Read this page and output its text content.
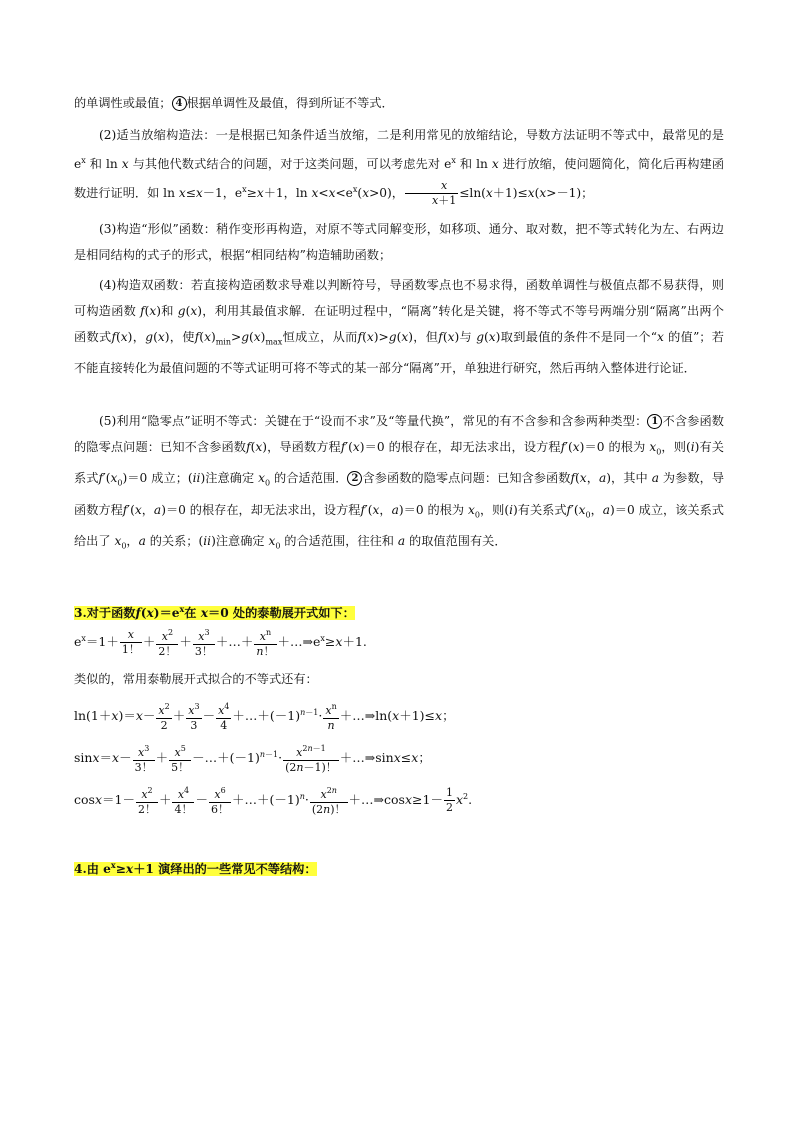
的单调性或最值； 4 根据单调性及最值，得到所证不等式．

(2)适当放缩构造法：一是根据已知条件适当放缩，二是利用常见的放缩结论，导数方法证明不等式中，最常见的是 $e^x$ 和 ln x 与其他代数式结合的问题，对于这类问题，可以考虑先对 $e^x$ 和 ln x 进行放缩，使问题简化，简化后再构建函数进行证明．如 ln x≤x－1，$e^x\ge x+1$，$\ln x<x<e^x(x>0)$， $\frac{x}{x+1} \le\ln(x+1)\le x(x>-1)$；

(3)构造“形似”函数：稍作变形再构造，对原不等式同解变形，如移项、通分、取对数，把不等式转化为左、右两边是相同结构的式子的形式，根据“相同结构”构造辅助函数；

(4)构造双函数：若直接构造函数求导难以判断符号，导函数零点也不易求得，函数单调性与极值点都不易获得，则可构造函数 f(x)和 g(x)，利用其最值求解．在证明过程中，“隔离”转化是关键，将不等式不等号两端分别“隔离”出两个函数式f(x)，g(x)，使$f(x)_{min}>g(x)_{max}$恒成立，从而f(x)>g(x)，但f(x)与 g(x)取到最值的条件不是同一个“x 的值”；若不能直接转化为最值问题的不等式证明可将不等式的某一部分“隔离”开，单独进行研究，然后再纳入整体进行论证．

(5)利用“隐零点”证明不等式：关键在于“设而不求”及“等量代换”，常见的有不含参和含参两种类型： 1 不含参函数的隐零点问题：已知不含参函数f(x)，导函数方程f′(x)＝0 的根存在，却无法求出，设方程f′(x)＝0 的根为 $x_0$，则(i)有关系式$f'(x_0)=0$ 成立；(ii)注意确定 $x_0$ 的合适范围． 2 含参函数的隐零点问题：已知含参函数f(x，a)，其中 a 为参数，导函数方程f′(x，a)＝0 的根存在，却无法求出，设方程f′(x，a)＝0 的根为 $x_0$，则(i)有关系式$f'(x_0$，a)＝0 成立，该关系式给出了 $x_0$，a 的关系；(ii)注意确定 $x_0$ 的合适范围，往往和 a 的取值范围有关．

3.对于函数$f(x)=e^x$在 x＝0 处的泰勒展开式如下：

$e^x=1+ \frac{x}{1!} + \frac{x^2}{2!} + \frac{x^3}{3!}$ ＋…＋ $\frac{x^n}{n!}$ $+\dots\Rightarrow e^x\ge x+1$.

类似的，常用泰勒展开式拟合的不等式还有：

$\ln(1+x)=x- \frac{x^2}{2} + \frac{x^3}{3} - \frac{x^4}{4}$ $+\dots+(-1)^{n-1}\cdot \frac{x^n}{n}$ ＋…⇒ln(x＋1)≤x；
$\sin x=x- \frac{x^3}{3!} + \frac{x^5}{5!}$ $-\dots+(-1)^{n-1}\cdot \frac{x^{2n-1}}{(2n-1)!}$ ＋…⇒sinx≤x；
$\cos x=1- \frac{x^2}{2!} + \frac{x^4}{4!} - \frac{x^6}{6!}$ $+\dots+(-1)^n\cdot \frac{x^{2n}}{(2n)!}$ ＋…⇒cosx≥1－ $\frac{1}{2} x^2$.

4.由 $e^x\ge x+1$ 演绎出的一些常见不等结构：
